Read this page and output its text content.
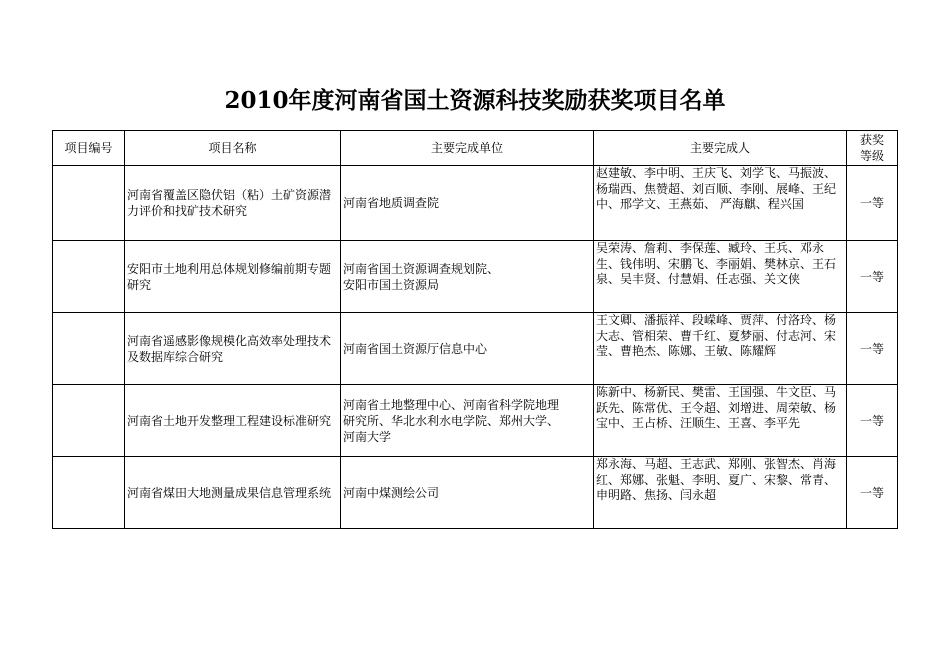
2010年度河南省国土资源科技奖励获奖项目名单
项目编号	项目名称	主要完成单位	主要完成人	获奖
等级

	河南省覆盖区隐伏铝（粘）土矿资源潜力评价和找矿技术研究	河南省地质调查院	赵建敏、李中明、王庆飞、刘学飞、马振波、杨瑞西、焦赞超、刘百顺、李刚、展峰、王纪中、邢学文、王燕茹、 严海麒、程兴国	一等
	安阳市土地利用总体规划修编前期专题研究	河南省国土资源调查规划院、
安阳市国土资源局	吴荣涛、詹莉、李保莲、臧玲、王兵、邓永生、钱伟明、宋鹏飞、李丽娟、樊林京、王石泉、吴丰贤、付慧娟、任志强、关文侠	一等
	河南省遥感影像规模化高效率处理技术及数据库综合研究	河南省国土资源厅信息中心	王文卿、潘振祥、段嵘峰、贾萍、付洛玲、杨大志、管相荣、曹千红、夏梦丽、付志河、宋莹、曹艳杰、陈娜、王敏、陈耀辉	一等
	河南省土地开发整理工程建设标准研究	河南省土地整理中心、河南省科学院地理
研究所、华北水利水电学院、郑州大学、
河南大学	陈新中、杨新民、樊雷、王国强、牛文臣、马跃先、陈常优、王令超、刘增进、周荣敏、杨宝中、王占桥、汪顺生、王喜、李平先	一等
	河南省煤田大地测量成果信息管理系统	河南中煤测绘公司	郑永海、马超、王志武、郑刚、张智杰、肖海红、郑娜、张魁、李明、夏广、宋黎、常青、申明路、焦扬、闫永超	一等
